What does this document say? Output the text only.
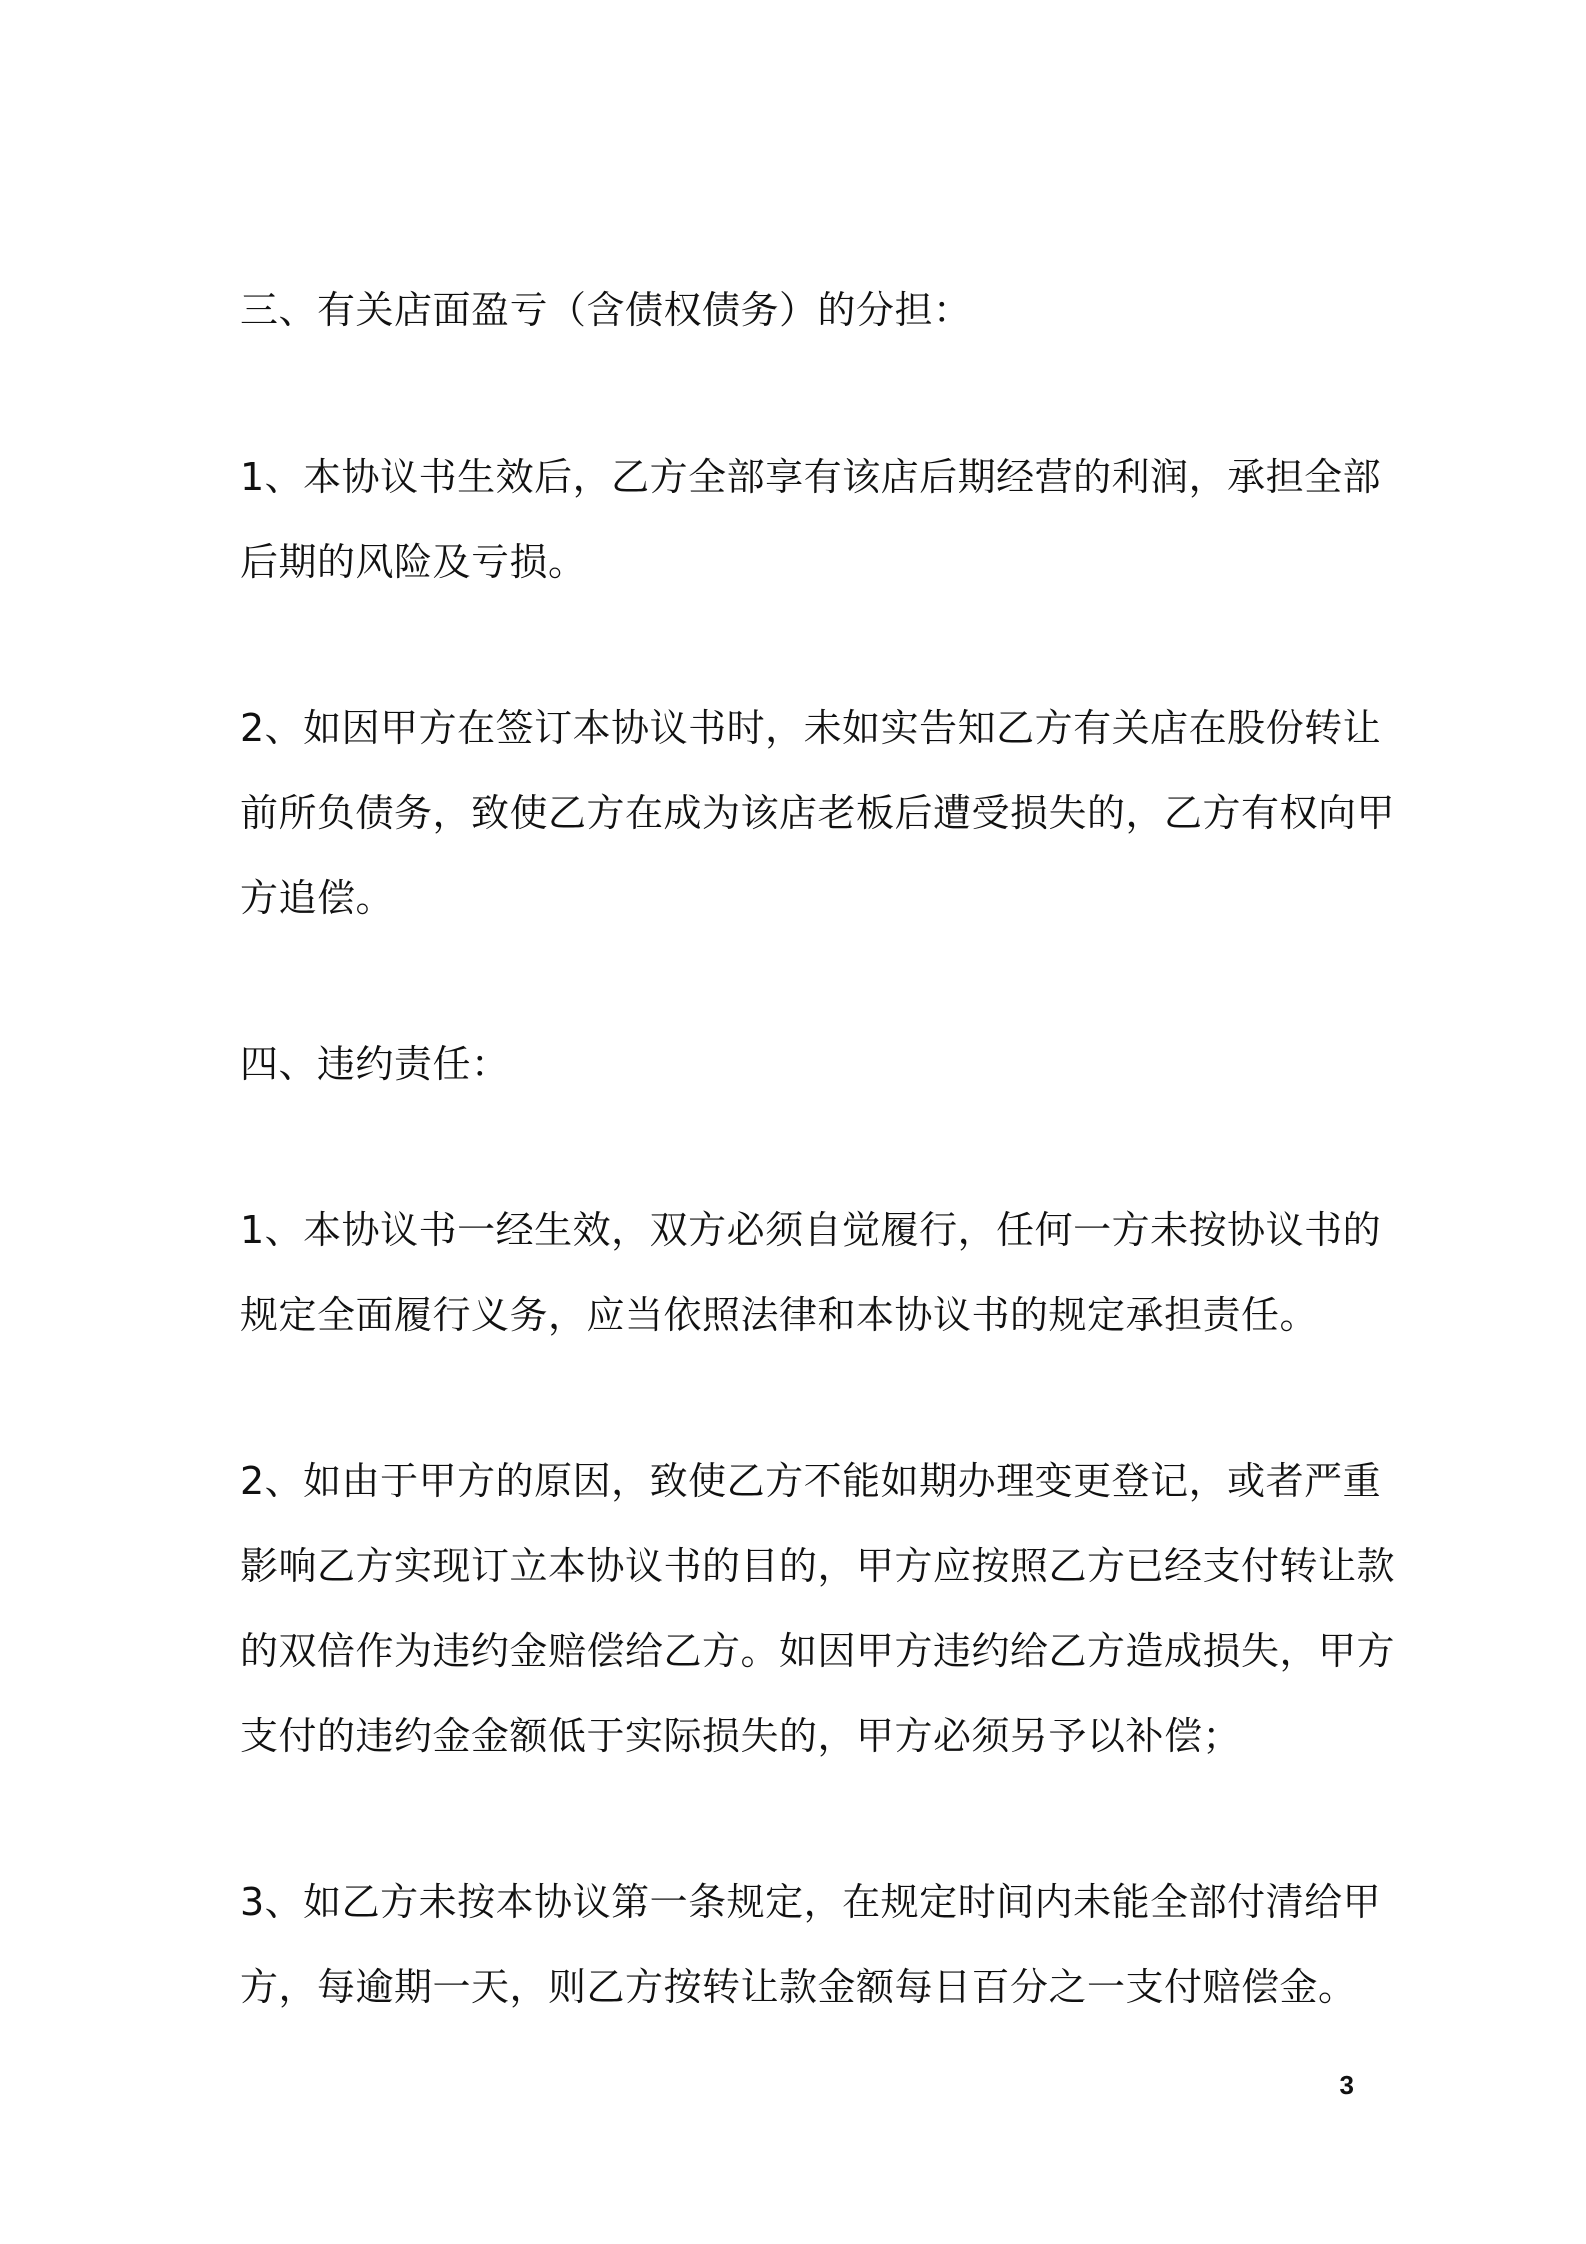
三、有关店面盈亏（含债权债务）的分担：
1、本协议书生效后，乙方全部享有该店后期经营的利润，承担全部
后期的风险及亏损。
2、如因甲方在签订本协议书时，未如实告知乙方有关店在股份转让
前所负债务，致使乙方在成为该店老板后遭受损失的，乙方有权向甲
方追偿。
四、违约责任：
1、本协议书一经生效，双方必须自觉履行，任何一方未按协议书的
规定全面履行义务，应当依照法律和本协议书的规定承担责任。
2、如由于甲方的原因，致使乙方不能如期办理变更登记，或者严重
影响乙方实现订立本协议书的目的，甲方应按照乙方已经支付转让款
的双倍作为违约金赔偿给乙方。如因甲方违约给乙方造成损失，甲方
支付的违约金金额低于实际损失的，甲方必须另予以补偿；
3、如乙方未按本协议第一条规定，在规定时间内未能全部付清给甲
方，每逾期一天，则乙方按转让款金额每日百分之一支付赔偿金。
3
